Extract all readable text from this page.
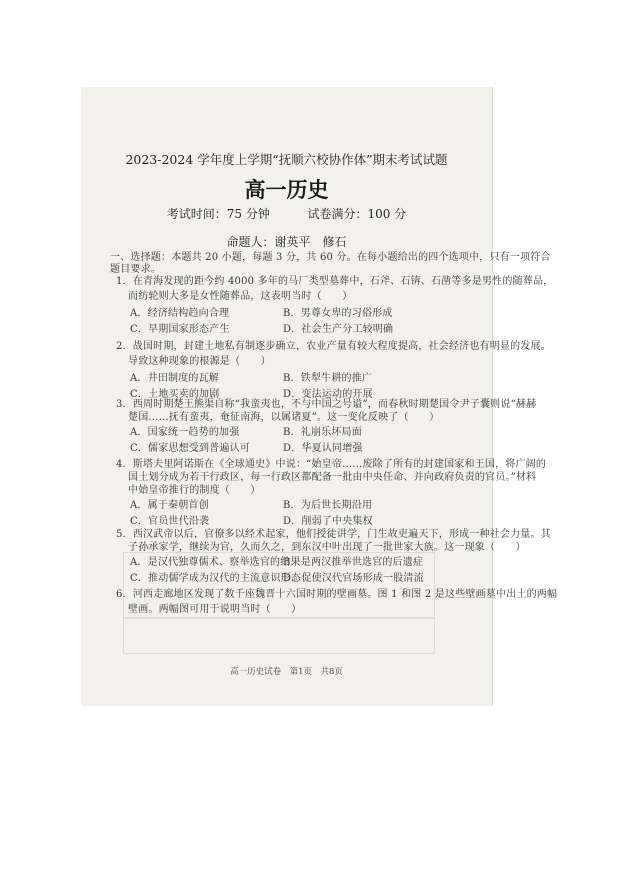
2023-2024 学年度上学期“抚顺六校协作体”期末考试试题
高一历史
考试时间：75 分钟	试卷满分：100 分
命题人：谢英平　修石
一、选择题：本题共 20 小题，每题 3 分，共 60 分。在每小题给出的四个选项中，只有一项符合
题目要求。
1．在青海发现的距今约 4000 多年的马厂类型墓葬中，石斧、石锛、石凿等多是男性的随葬品，
而纺轮则大多是女性随葬品，这表明当时（　　）
A．经济结构趋向合理	B．男尊女卑的习俗形成
C．早期国家形态产生	D．社会生产分工较明确
2．战国时期，封建土地私有制逐步确立，农业产量有较大程度提高，社会经济也有明显的发展。
导致这种现象的根源是（　　）
A．井田制度的瓦解	B．铁犁牛耕的推广
C．土地买卖的加剧	D．变法运动的开展
3．西周时期楚王熊渠自称“我蛮夷也，不与中国之号谥”，而春秋时期楚国令尹子囊则说“赫赫
楚国……抚有蛮夷，奄征南海，以属诸夏”。这一变化反映了（　　）
A．国家统一趋势的加强	B．礼崩乐坏局面
C．儒家思想受到普遍认可	D．华夏认同增强
4．斯塔夫里阿诺斯在《全球通史》中说：“始皇帝……废除了所有的封建国家和王国，将广阔的
国土划分成为若干行政区，每一行政区都配备一批由中央任命、并向政府负责的官员。”材料
中始皇帝推行的制度（　　）
A．属于秦朝首创	B．为后世长期沿用
C．官员世代沿袭	D．削弱了中央集权
5．西汉武帝以后，官僚多以经术起家，他们授徒讲学，门生故吏遍天下，形成一种社会力量。其
子孙承家学，继续为官，久而久之，到东汉中叶出现了一批世家大族。这一现象（　　）
A．是汉代独尊儒术、察举选官的结果
B．是两汉推举世选官的后遗症
C．推动儒学成为汉代的主流意识形态
D．促使汉代官场形成一股清流
6．河西走廊地区发现了数千座魏晋十六国时期的壁画墓。图 1 和图 2 是这些壁画墓中出土的两幅
壁画。两幅图可用于说明当时（　　）
高一历史试卷　第1页　共8页
